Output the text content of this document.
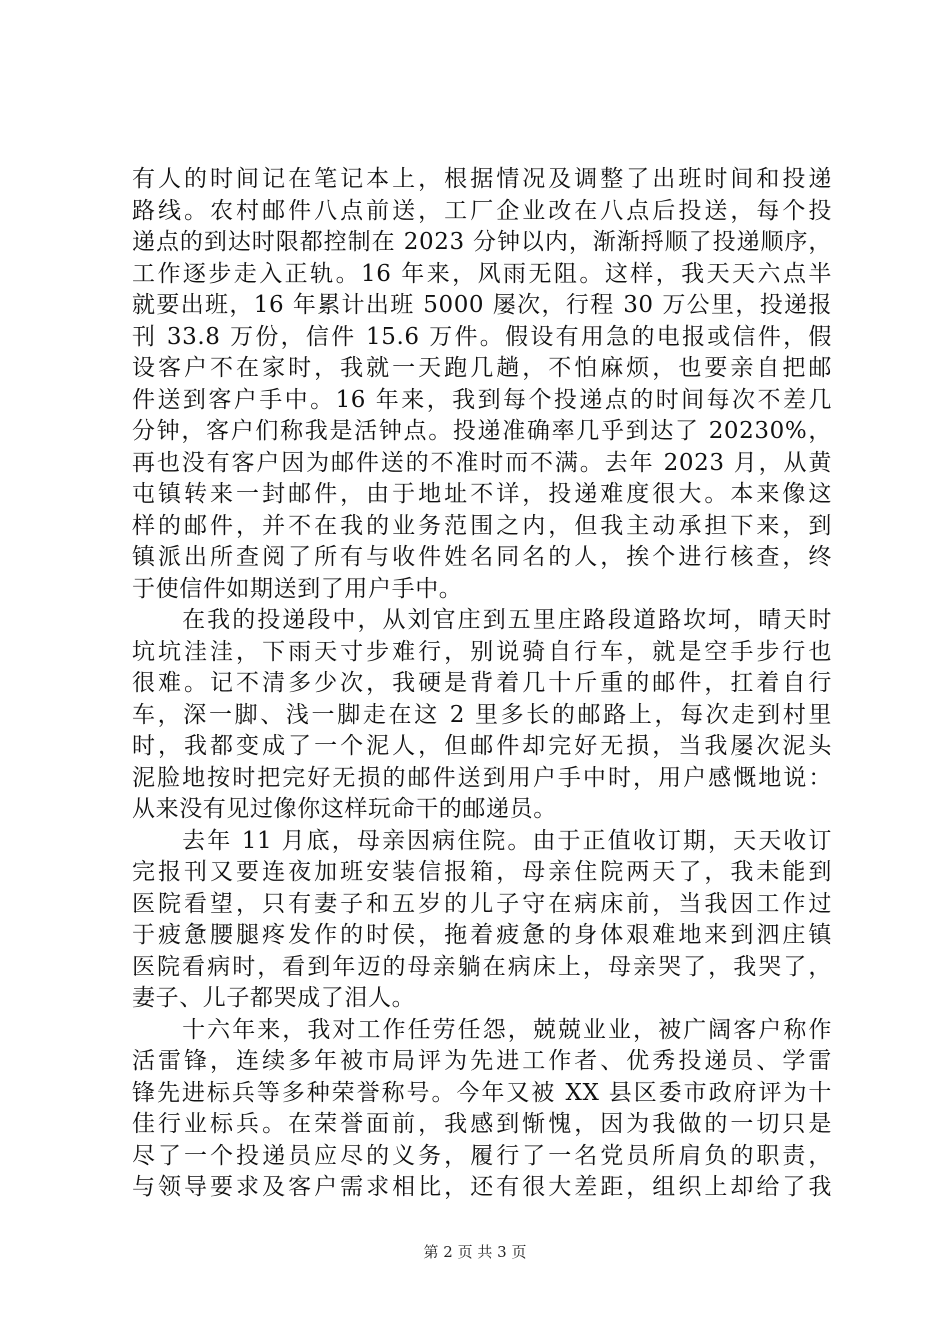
有人的时间记在笔记本上，根据情况及调整了出班时间和投递
路线。农村邮件八点前送，工厂企业改在八点后投送，每个投
递点的到达时限都控制在 2023 分钟以内，渐渐捋顺了投递顺序，
工作逐步走入正轨。16 年来，风雨无阻。这样，我天天六点半
就要出班，16 年累计出班 5000 屡次，行程 30 万公里，投递报
刊 33.8 万份，信件 15.6 万件。假设有用急的电报或信件，假
设客户不在家时，我就一天跑几趟，不怕麻烦，也要亲自把邮
件送到客户手中。16 年来，我到每个投递点的时间每次不差几
分钟，客户们称我是活钟点。投递准确率几乎到达了 20230%，
再也没有客户因为邮件送的不准时而不满。去年 2023 月，从黄
屯镇转来一封邮件，由于地址不详，投递难度很大。本来像这
样的邮件，并不在我的业务范围之内，但我主动承担下来，到
镇派出所查阅了所有与收件姓名同名的人，挨个进行核查，终
于使信件如期送到了用户手中。
　　在我的投递段中，从刘官庄到五里庄路段道路坎坷，晴天时
坑坑洼洼，下雨天寸步难行，别说骑自行车，就是空手步行也
很难。记不清多少次，我硬是背着几十斤重的邮件，扛着自行
车，深一脚、浅一脚走在这 2 里多长的邮路上，每次走到村里
时，我都变成了一个泥人，但邮件却完好无损，当我屡次泥头
泥脸地按时把完好无损的邮件送到用户手中时，用户感慨地说：
从来没有见过像你这样玩命干的邮递员。
　　去年 11 月底，母亲因病住院。由于正值收订期，天天收订
完报刊又要连夜加班安装信报箱，母亲住院两天了，我未能到
医院看望，只有妻子和五岁的儿子守在病床前，当我因工作过
于疲惫腰腿疼发作的时侯，拖着疲惫的身体艰难地来到泗庄镇
医院看病时，看到年迈的母亲躺在病床上，母亲哭了，我哭了，
妻子、儿子都哭成了泪人。
　　十六年来，我对工作任劳任怨，兢兢业业，被广阔客户称作
活雷锋，连续多年被市局评为先进工作者、优秀投递员、学雷
锋先进标兵等多种荣誉称号。今年又被 XX 县区委市政府评为十
佳行业标兵。在荣誉面前，我感到惭愧，因为我做的一切只是
尽了一个投递员应尽的义务，履行了一名党员所肩负的职责，
与领导要求及客户需求相比，还有很大差距，组织上却给了我
第 2 页 共 3 页
